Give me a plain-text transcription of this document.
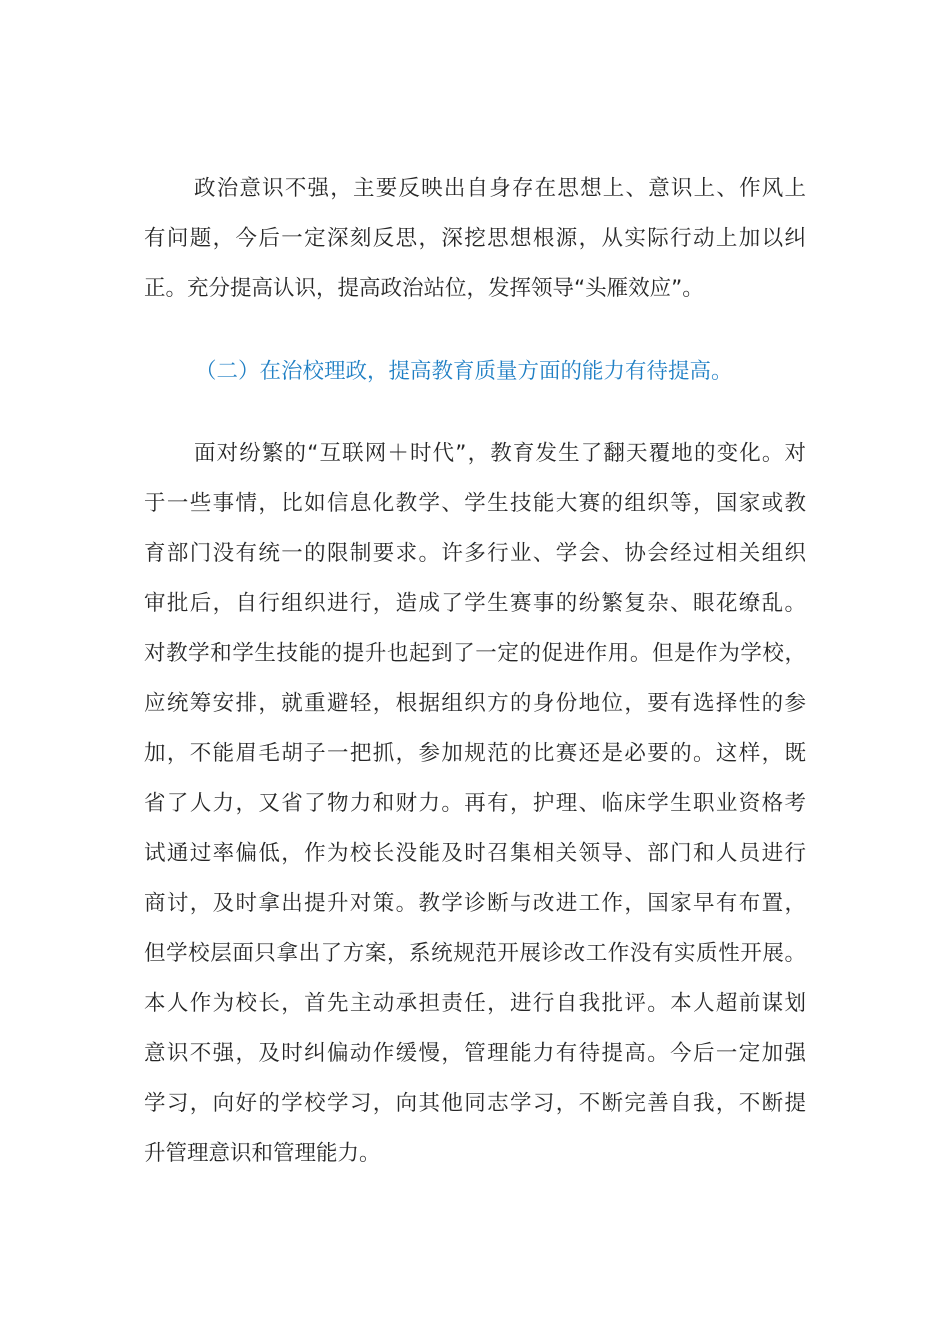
政治意识不强，主要反映出自身存在思想上、意识上、作风上
有问题，今后一定深刻反思，深挖思想根源，从实际行动上加以纠
正。充分提高认识，提高政治站位，发挥领导“头雁效应”。
（二）在治校理政，提高教育质量方面的能力有待提高。
面对纷繁的“互联网＋时代”，教育发生了翻天覆地的变化。对
于一些事情，比如信息化教学、学生技能大赛的组织等，国家或教
育部门没有统一的限制要求。许多行业、学会、协会经过相关组织
审批后，自行组织进行，造成了学生赛事的纷繁复杂、眼花缭乱。
对教学和学生技能的提升也起到了一定的促进作用。但是作为学校，
应统筹安排，就重避轻，根据组织方的身份地位，要有选择性的参
加，不能眉毛胡子一把抓，参加规范的比赛还是必要的。这样，既
省了人力，又省了物力和财力。再有，护理、临床学生职业资格考
试通过率偏低，作为校长没能及时召集相关领导、部门和人员进行
商讨，及时拿出提升对策。教学诊断与改进工作，国家早有布置，
但学校层面只拿出了方案，系统规范开展诊改工作没有实质性开展。
本人作为校长，首先主动承担责任，进行自我批评。本人超前谋划
意识不强，及时纠偏动作缓慢，管理能力有待提高。今后一定加强
学习，向好的学校学习，向其他同志学习，不断完善自我，不断提
升管理意识和管理能力。
